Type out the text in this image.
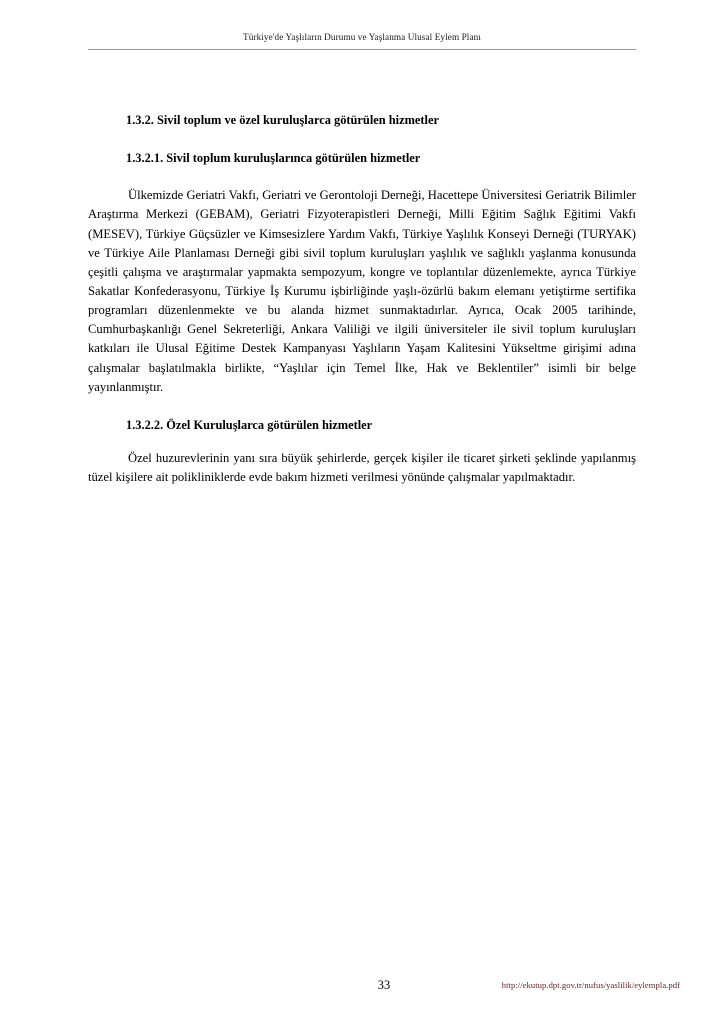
Türkiye'de Yaşlıların Durumu ve Yaşlanma Ulusal Eylem Planı
1.3.2. Sivil toplum ve özel kuruluşlarca götürülen hizmetler
1.3.2.1. Sivil toplum kuruluşlarınca götürülen hizmetler

Ülkemizde Geriatri Vakfı, Geriatri ve Gerontoloji Derneği, Hacettepe Üniversitesi Geriatrik Bilimler Araştırma Merkezi (GEBAM), Geriatri Fizyoterapistleri Derneği, Milli Eğitim Sağlık Eğitimi Vakfı (MESEV), Türkiye Güçsüzler ve Kimsesizlere Yardım Vakfı, Türkiye Yaşlılık Konseyi Derneği (TURYAK) ve Türkiye Aile Planlaması Derneği gibi sivil toplum kuruluşları yaşlılık ve sağlıklı yaşlanma konusunda çeşitli çalışma ve araştırmalar yapmakta sempozyum, kongre ve toplantılar düzenlemekte, ayrıca Türkiye Sakatlar Konfederasyonu, Türkiye İş Kurumu işbirliğinde yaşlı-özürlü bakım elemanı yetiştirme sertifika programları düzenlenmekte ve bu alanda hizmet sunmaktadırlar. Ayrıca, Ocak 2005 tarihinde, Cumhurbaşkanlığı Genel Sekreterliği, Ankara Valiliği ve ilgili üniversiteler ile sivil toplum kuruluşları katkıları ile Ulusal Eğitime Destek Kampanyası Yaşlıların Yaşam Kalitesini Yükseltme girişimi adına çalışmalar başlatılmakla birlikte, “Yaşlılar için Temel İlke, Hak ve Beklentiler” isimli bir belge yayınlanmıştır.

1.3.2.2. Özel Kuruluşlarca götürülen hizmetler

Özel huzurevlerinin yanı sıra büyük şehirlerde, gerçek kişiler ile ticaret şirketi şeklinde yapılanmış tüzel kişilere ait polikliniklerde evde bakım hizmeti verilmesi yönünde çalışmalar yapılmaktadır.

33	http://ekutup.dpt.gov.tr/nufus/yaslilik/eylempla.pdf
